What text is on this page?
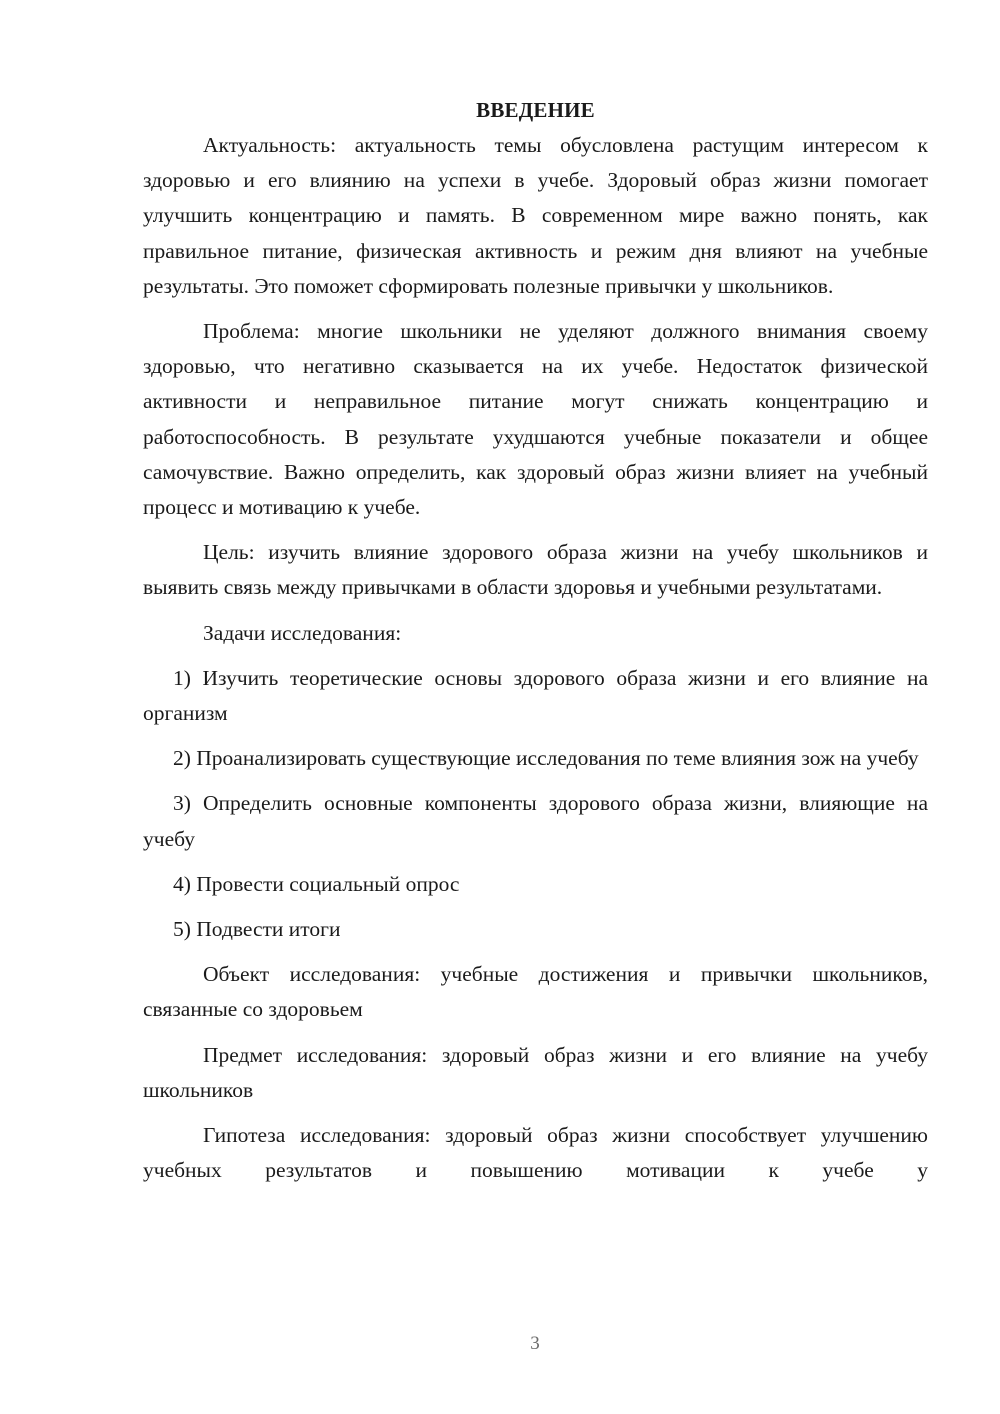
ВВЕДЕНИЕ

Актуальность: актуальность темы обусловлена растущим интересом к здоровью и его влиянию на успехи в учебе. Здоровый образ жизни помогает улучшить концентрацию и память. В современном мире важно понять, как правильное питание, физическая активность и режим дня влияют на учебные результаты. Это поможет сформировать полезные привычки у школьников.

Проблема: многие школьники не уделяют должного внимания своему здоровью, что негативно сказывается на их учебе. Недостаток физической активности и неправильное питание могут снижать концентрацию и работоспособность. В результате ухудшаются учебные показатели и общее самочувствие. Важно определить, как здоровый образ жизни влияет на учебный процесс и мотивацию к учебе.

Цель: изучить влияние здорового образа жизни на учебу школьников и выявить связь между привычками в области здоровья и учебными результатами.

Задачи исследования:

1) Изучить теоретические основы здорового образа жизни и его влияние на организм

2) Проанализировать существующие исследования по теме влияния зож на учебу

3) Определить основные компоненты здорового образа жизни, влияющие на учебу

4) Провести социальный опрос

5) Подвести итоги

Объект исследования: учебные достижения и привычки школьников, связанные со здоровьем

Предмет исследования: здоровый образ жизни и его влияние на учебу школьников

Гипотеза исследования: здоровый образ жизни способствует улучшению учебных результатов и повышению мотивации к учебе у

3
